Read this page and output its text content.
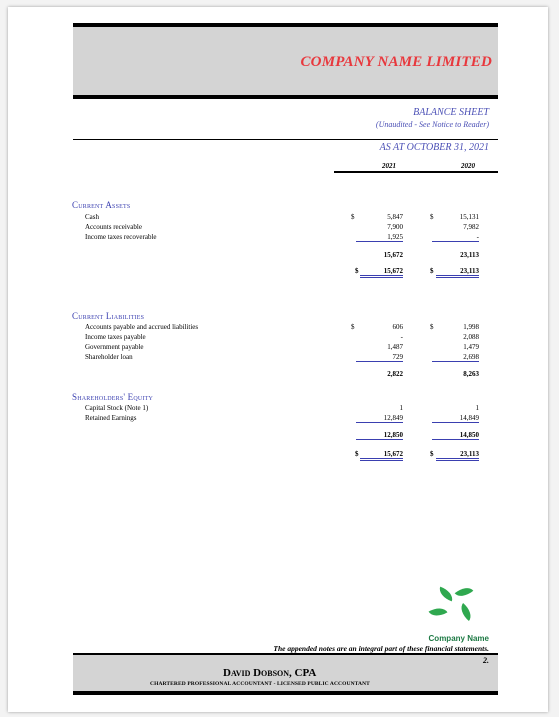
COMPANY NAME LIMITED
BALANCE SHEET
(Unaudited - See Notice to Reader)
AS AT OCTOBER 31, 2021
2021	2020
Current Assets
Cash	$	5,847	$	15,131
Accounts receivable	7,900	7,982
Income taxes recoverable	1,925	-
15,672	23,113
$	15,672	$	23,113
Current Liabilities
Accounts payable and accrued liabilities	$	606	$	1,998
Income taxes payable	-	2,088
Government payable	1,487	1,479
Shareholder loan	729	2,698
2,822	8,263
Shareholders' Equity
Capital Stock (Note 1)	1	1
Retained Earnings	12,849	14,849
12,850	14,850
$	15,672	$	23,113
Company Name
The appended notes are an integral part of these financial statements.
2.
David Dobson, CPA
CHARTERED PROFESSIONAL ACCOUNTANT - LICENSED PUBLIC ACCOUNTANT
